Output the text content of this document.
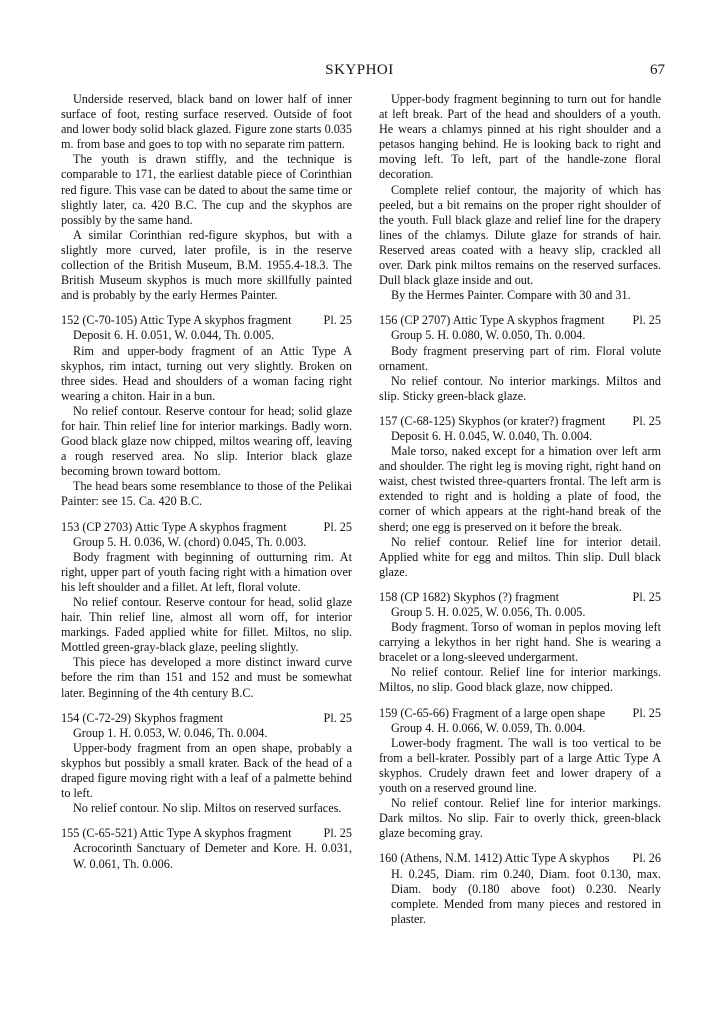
SKYPHOI	67

Underside reserved, black band on lower half of inner surface of foot, resting surface reserved. Outside of foot and lower body solid black glazed. Figure zone starts 0.035 m. from base and goes to top with no separate rim pattern.

The youth is drawn stiffly, and the technique is comparable to 171, the earliest datable piece of Corinthian red figure. This vase can be dated to about the same time or slightly later, ca. 420 B.C. The cup and the skyphos are possibly by the same hand.

A similar Corinthian red-figure skyphos, but with a slightly more curved, later profile, is in the reserve collection of the British Museum, B.M. 1955.4-18.3. The British Museum skyphos is much more skillfully painted and is probably by the early Hermes Painter.

152 (C-70-105) Attic Type A skyphos fragment	Pl. 25

Deposit 6. H. 0.051, W. 0.044, Th. 0.005.

Rim and upper-body fragment of an Attic Type A skyphos, rim intact, turning out very slightly. Broken on three sides. Head and shoulders of a woman facing right wearing a chiton. Hair in a bun.

No relief contour. Reserve contour for head; solid glaze for hair. Thin relief line for interior markings. Badly worn. Good black glaze now chipped, miltos wearing off, leaving a rough reserved area. No slip. Interior black glaze becoming brown toward bottom.

The head bears some resemblance to those of the Pelikai Painter: see 15. Ca. 420 B.C.

153 (CP 2703) Attic Type A skyphos fragment	Pl. 25

Group 5. H. 0.036, W. (chord) 0.045, Th. 0.003.

Body fragment with beginning of outturning rim. At right, upper part of youth facing right with a himation over his left shoulder and a fillet. At left, floral volute.

No relief contour. Reserve contour for head, solid glaze hair. Thin relief line, almost all worn off, for interior markings. Faded applied white for fillet. Miltos, no slip. Mottled green-gray-black glaze, peeling slightly.

This piece has developed a more distinct inward curve before the rim than 151 and 152 and must be somewhat later. Beginning of the 4th century B.C.

154 (C-72-29) Skyphos fragment	Pl. 25

Group 1. H. 0.053, W. 0.046, Th. 0.004.

Upper-body fragment from an open shape, probably a skyphos but possibly a small krater. Back of the head of a draped figure moving right with a leaf of a palmette behind to left.

No relief contour. No slip. Miltos on reserved surfaces.

155 (C-65-521) Attic Type A skyphos fragment	Pl. 25

Acrocorinth Sanctuary of Demeter and Kore. H. 0.031, W. 0.061, Th. 0.006.

Upper-body fragment beginning to turn out for handle at left break. Part of the head and shoulders of a youth. He wears a chlamys pinned at his right shoulder and a petasos hanging behind. He is looking back to right and moving left. To left, part of the handle-zone floral decoration.

Complete relief contour, the majority of which has peeled, but a bit remains on the proper right shoulder of the youth. Full black glaze and relief line for the drapery lines of the chlamys. Dilute glaze for strands of hair. Reserved areas coated with a heavy slip, crackled all over. Dark pink miltos remains on the reserved surfaces. Dull black glaze inside and out.

By the Hermes Painter. Compare with 30 and 31.

156 (CP 2707) Attic Type A skyphos fragment Pl. 25

Group 5. H. 0.080, W. 0.050, Th. 0.004.

Body fragment preserving part of rim. Floral volute ornament.

No relief contour. No interior markings. Miltos and slip. Sticky green-black glaze.

157 (C-68-125) Skyphos (or krater?) fragment Pl. 25

Deposit 6. H. 0.045, W. 0.040, Th. 0.004.

Male torso, naked except for a himation over left arm and shoulder. The right leg is moving right, right hand on waist, chest twisted three-quarters frontal. The left arm is extended to right and is holding a plate of food, the corner of which appears at the right-hand break of the sherd; one egg is preserved on it before the break.

No relief contour. Relief line for interior detail. Applied white for egg and miltos. Thin slip. Dull black glaze.

158 (CP 1682) Skyphos (?) fragment	Pl. 25

Group 5. H. 0.025, W. 0.056, Th. 0.005.

Body fragment. Torso of woman in peplos moving left carrying a lekythos in her right hand. She is wearing a bracelet or a long-sleeved undergarment.

No relief contour. Relief line for interior markings. Miltos, no slip. Good black glaze, now chipped.

159 (C-65-66) Fragment of a large open shape Pl. 25

Group 4. H. 0.066, W. 0.059, Th. 0.004.

Lower-body fragment. The wall is too vertical to be from a bell-krater. Possibly part of a large Attic Type A skyphos. Crudely drawn feet and lower drapery of a youth on a reserved ground line.

No relief contour. Relief line for interior markings. Dark miltos. No slip. Fair to overly thick, green-black glaze becoming gray.

160 (Athens, N.M. 1412) Attic Type A skyphos Pl. 26

H. 0.245, Diam. rim 0.240, Diam. foot 0.130, max. Diam. body (0.180 above foot) 0.230. Nearly complete. Mended from many pieces and restored in plaster.
